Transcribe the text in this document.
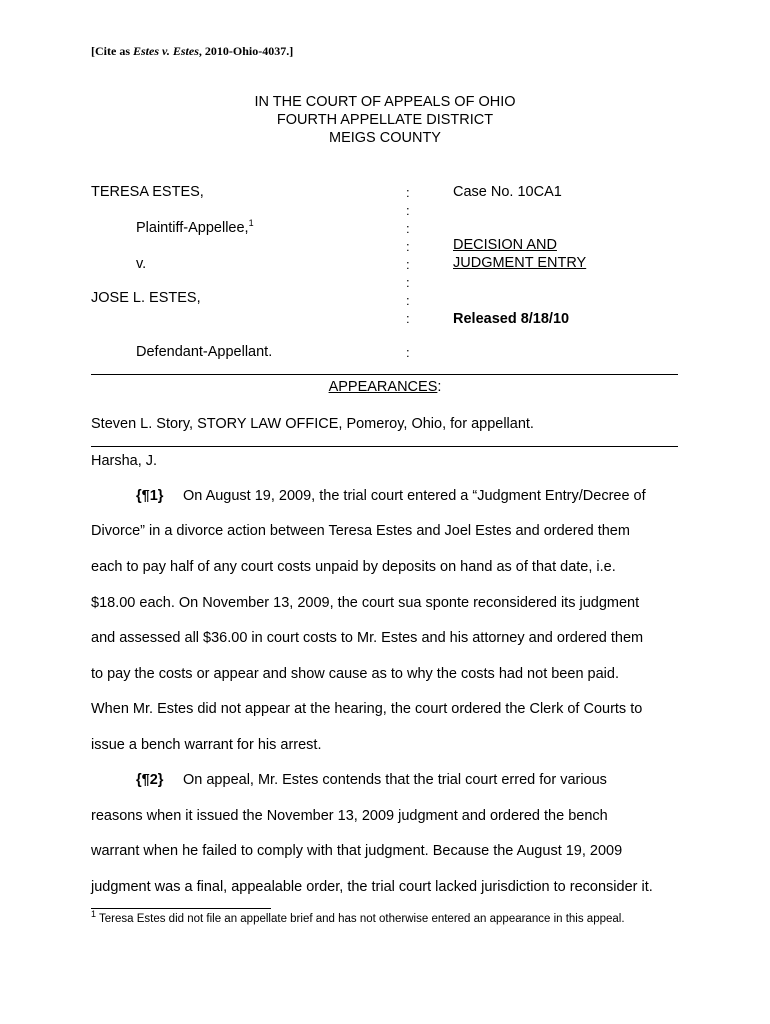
[Cite as Estes v. Estes, 2010-Ohio-4037.]
IN THE COURT OF APPEALS OF OHIO
FOURTH APPELLATE DISTRICT
MEIGS COUNTY
TERESA ESTES,
Plaintiff-Appellee,$^1$
v.
JOSE L. ESTES,
Defendant-Appellant.
:
:
:
:
:
:
:
:
:
Case No. 10CA1
DECISION AND
JUDGMENT ENTRY
Released 8/18/10
APPEARANCES:
Steven L. Story, STORY LAW OFFICE, Pomeroy, Ohio, for appellant.
Harsha, J.
{¶1} On August 19, 2009, the trial court entered a “Judgment Entry/Decree of
Divorce” in a divorce action between Teresa Estes and Joel Estes and ordered them
each to pay half of any court costs unpaid by deposits on hand as of that date, i.e.
$18.00 each. On November 13, 2009, the court sua sponte reconsidered its judgment
and assessed all $36.00 in court costs to Mr. Estes and his attorney and ordered them
to pay the costs or appear and show cause as to why the costs had not been paid.
When Mr. Estes did not appear at the hearing, the court ordered the Clerk of Courts to
issue a bench warrant for his arrest.
{¶2} On appeal, Mr. Estes contends that the trial court erred for various
reasons when it issued the November 13, 2009 judgment and ordered the bench
warrant when he failed to comply with that judgment. Because the August 19, 2009
judgment was a final, appealable order, the trial court lacked jurisdiction to reconsider it.
$^1$ Teresa Estes did not file an appellate brief and has not otherwise entered an appearance in this appeal.
